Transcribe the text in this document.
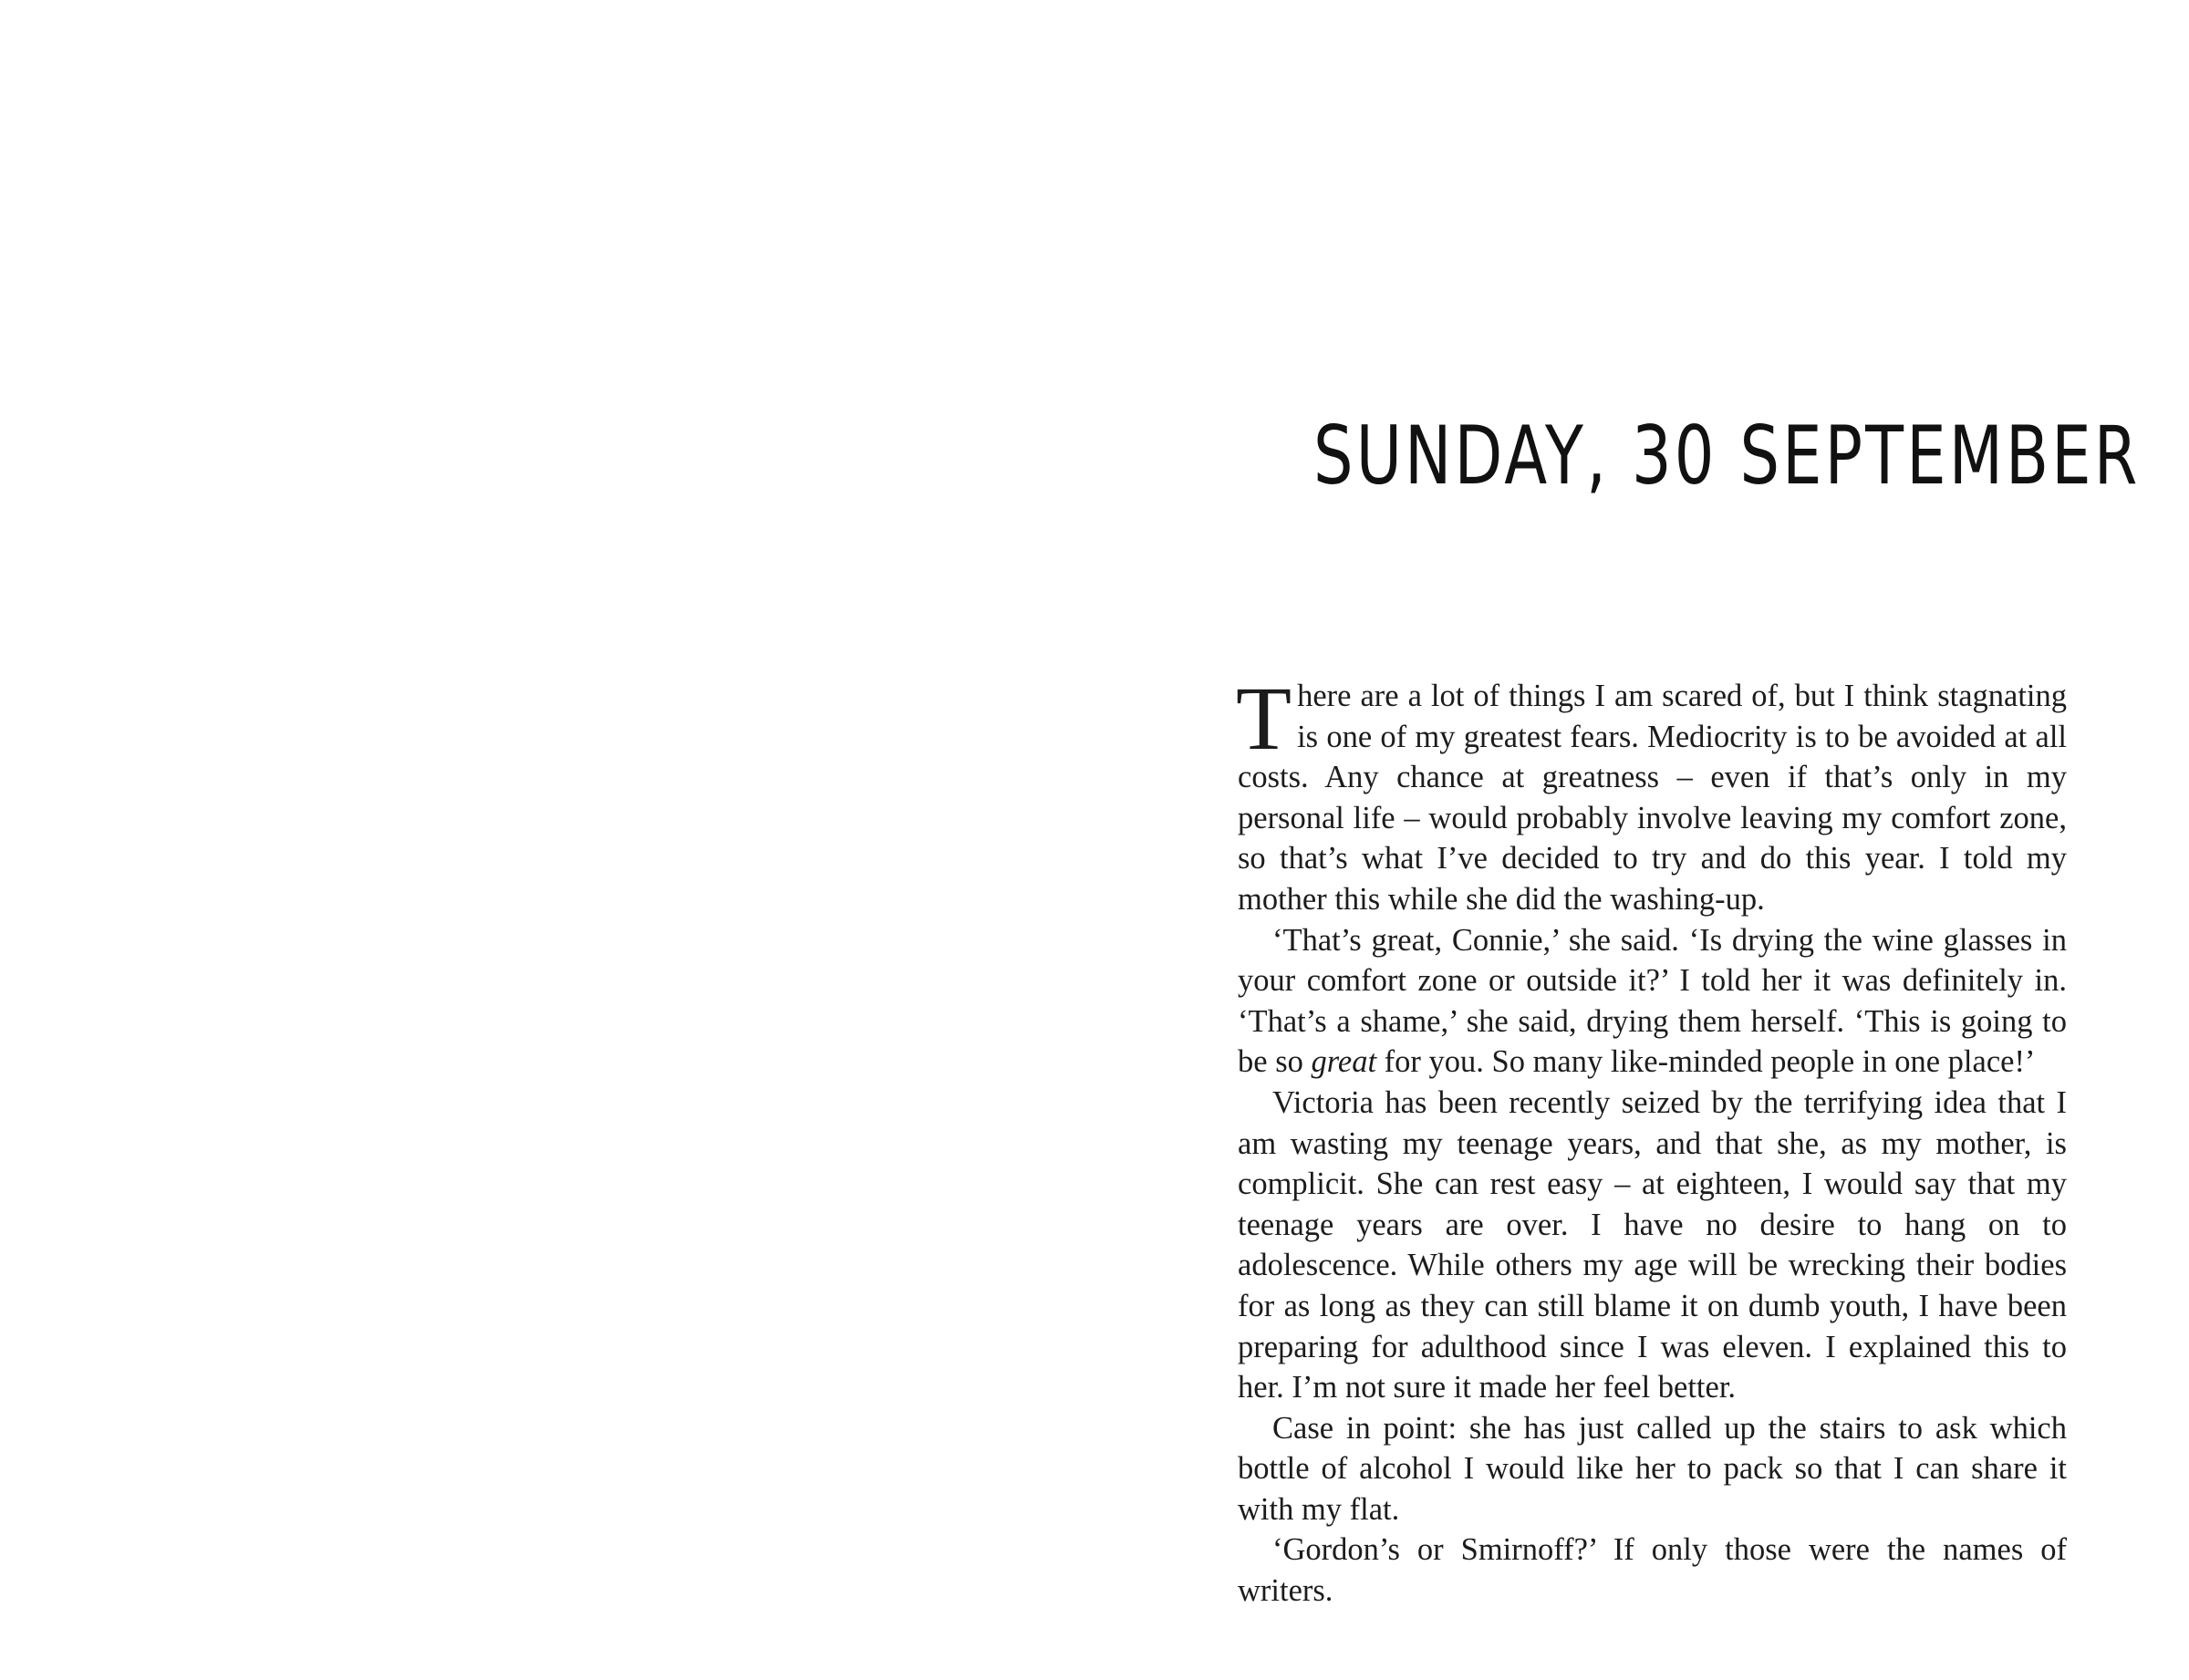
SUNDAY, 30 SEPTEMBER

There are a lot of things I am scared of, but I think stagnating is one of my greatest fears. Mediocrity is to be avoided at all costs. Any chance at greatness – even if that’s only in my personal life – would probably involve leaving my comfort zone, so that’s what I’ve decided to try and do this year. I told my mother this while she did the washing-up.

‘That’s great, Connie,’ she said. ‘Is drying the wine glasses in your comfort zone or outside it?’ I told her it was definitely in. ‘That’s a shame,’ she said, drying them herself. ‘This is going to be so great for you. So many like-minded people in one place!’

Victoria has been recently seized by the terrifying idea that I am wasting my teenage years, and that she, as my mother, is complicit. She can rest easy – at eighteen, I would say that my teenage years are over. I have no desire to hang on to adolescence. While others my age will be wrecking their bodies for as long as they can still blame it on dumb youth, I have been preparing for adulthood since I was eleven. I explained this to her. I’m not sure it made her feel better.

Case in point: she has just called up the stairs to ask which bottle of alcohol I would like her to pack so that I can share it with my flat.

‘Gordon’s or Smirnoff?’ If only those were the names of writers.
